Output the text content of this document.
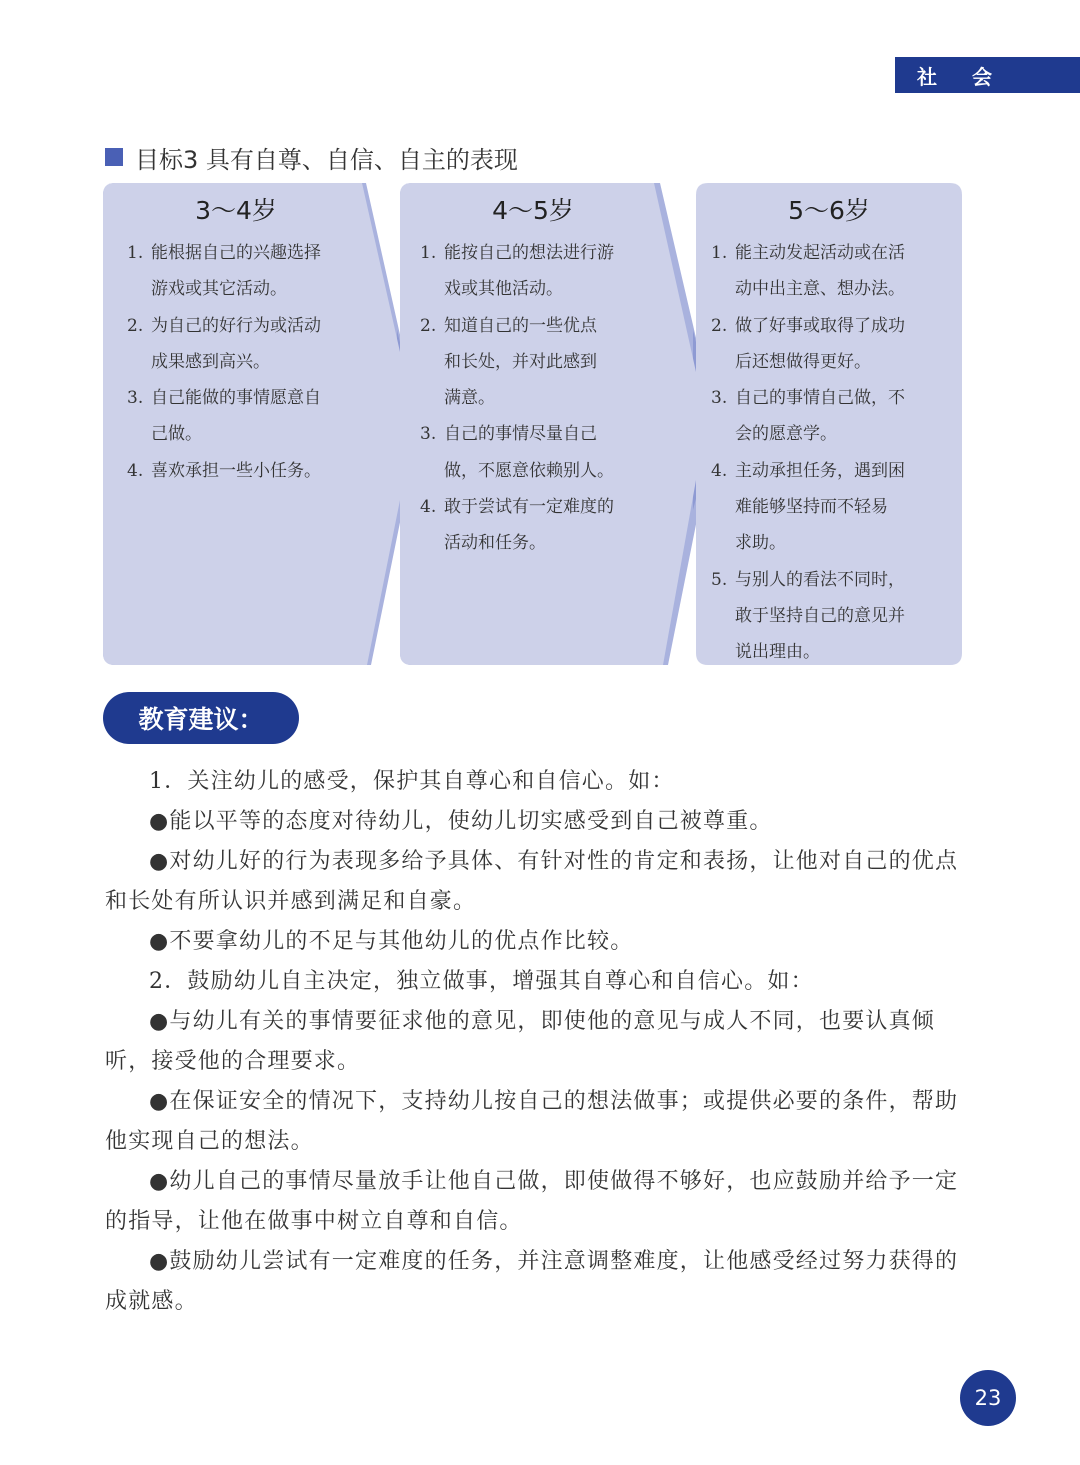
社 会
目标3 具有自尊、自信、自主的表现
3～4岁
1. 能根据自己的兴趣选择
游戏或其它活动。
2. 为自己的好行为或活动
成果感到高兴。
3. 自己能做的事情愿意自
己做。
4. 喜欢承担一些小任务。
4～5岁
1. 能按自己的想法进行游
戏或其他活动。
2. 知道自己的一些优点
和长处，并对此感到
满意。
3. 自己的事情尽量自己
做，不愿意依赖别人。
4. 敢于尝试有一定难度的
活动和任务。
5～6岁
1. 能主动发起活动或在活
动中出主意、想办法。
2. 做了好事或取得了成功
后还想做得更好。
3. 自己的事情自己做，不
会的愿意学。
4. 主动承担任务，遇到困
难能够坚持而不轻易
求助。
5. 与别人的看法不同时，
敢于坚持自己的意见并
说出理由。
教育建议：

1．关注幼儿的感受，保护其自尊心和自信心。如：

●能以平等的态度对待幼儿，使幼儿切实感受到自己被尊重。

●对幼儿好的行为表现多给予具体、有针对性的肯定和表扬，让他对自己的优点和长处有所认识并感到满足和自豪。

●不要拿幼儿的不足与其他幼儿的优点作比较。

2．鼓励幼儿自主决定，独立做事，增强其自尊心和自信心。如：

●与幼儿有关的事情要征求他的意见，即使他的意见与成人不同，也要认真倾听，接受他的合理要求。

●在保证安全的情况下，支持幼儿按自己的想法做事；或提供必要的条件，帮助他实现自己的想法。

●幼儿自己的事情尽量放手让他自己做，即使做得不够好，也应鼓励并给予一定的指导，让他在做事中树立自尊和自信。

●鼓励幼儿尝试有一定难度的任务，并注意调整难度，让他感受经过努力获得的成就感。

23
